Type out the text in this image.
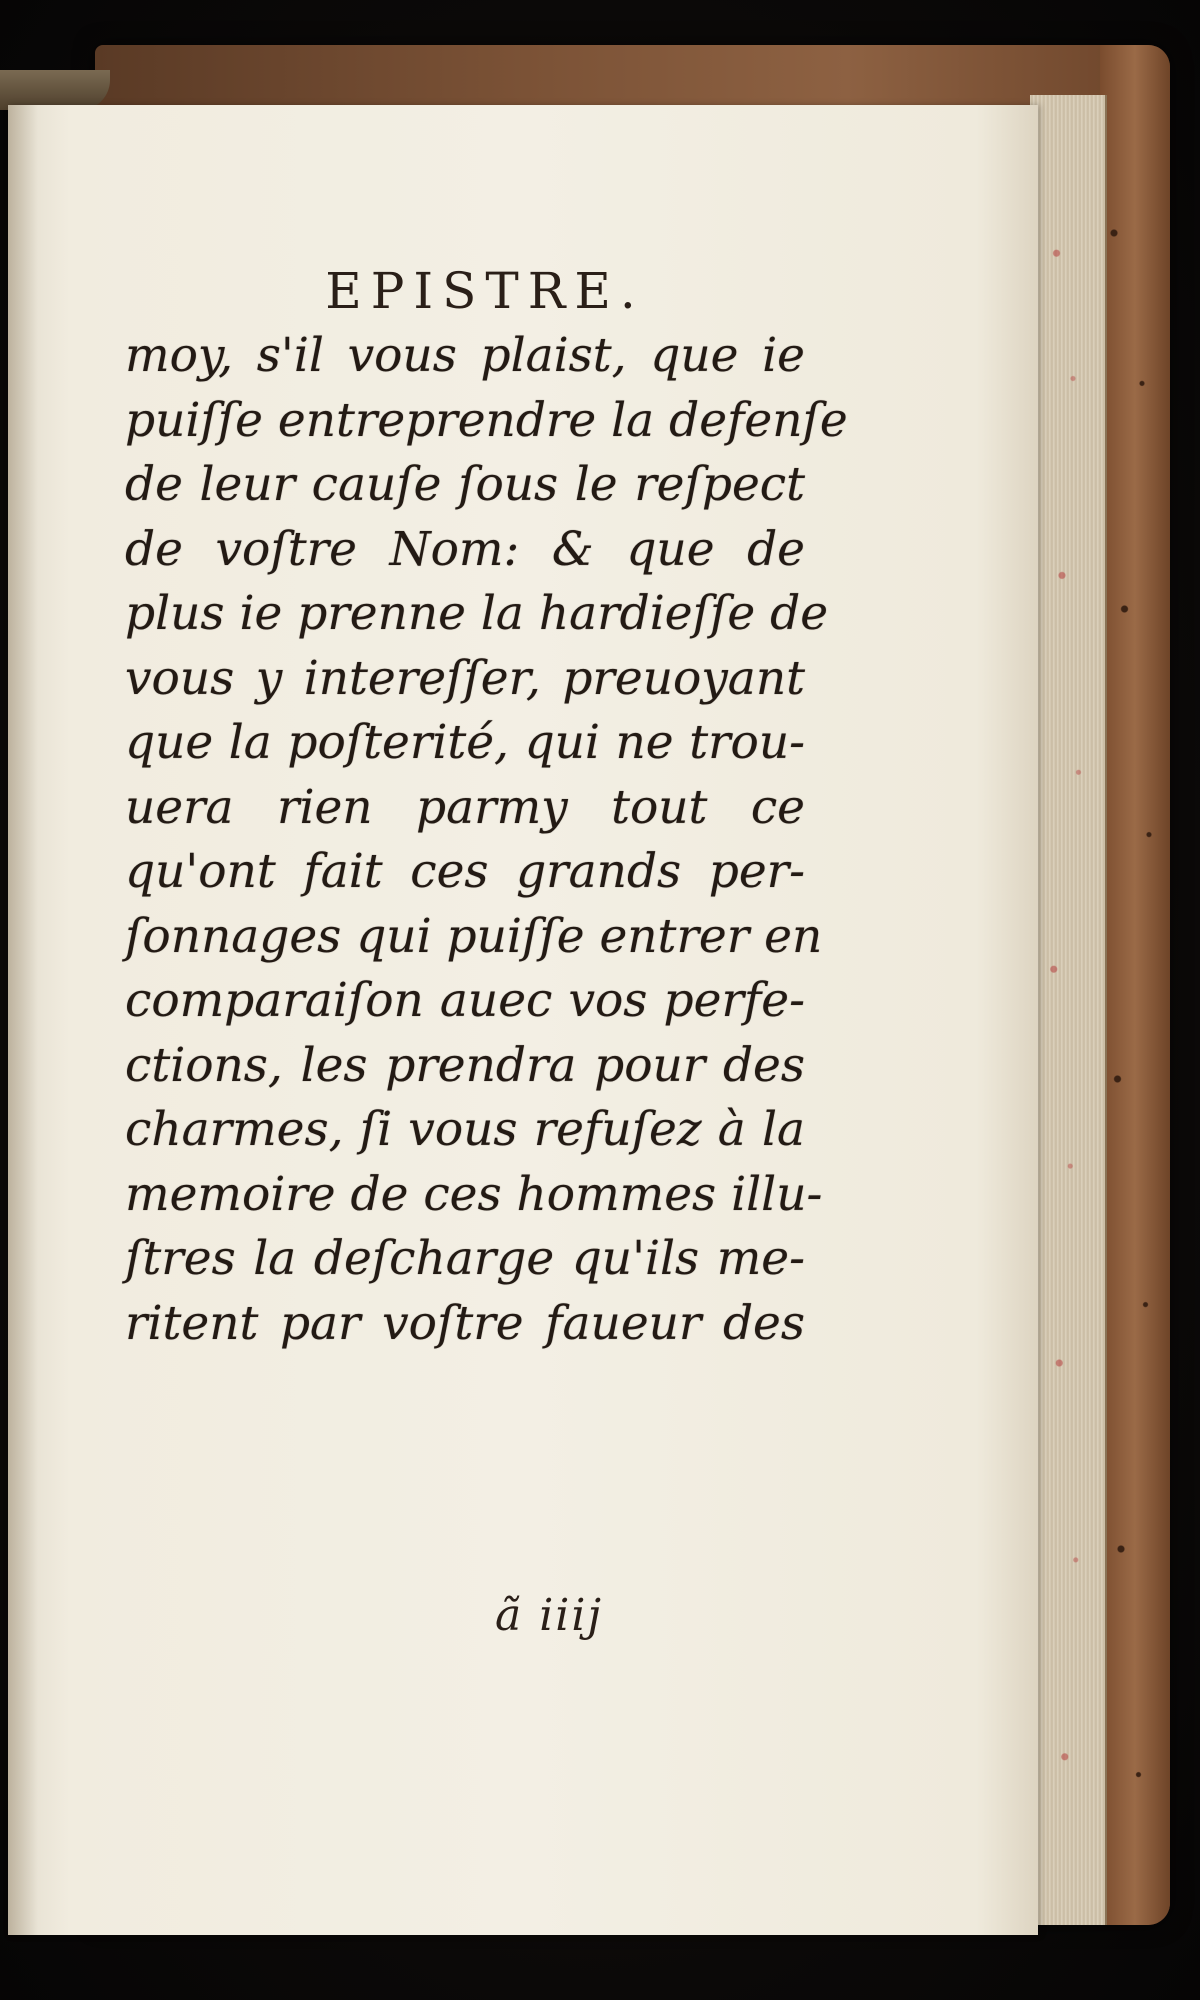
EPISTRE.
moy, s'il vous plaist, que ie
puiſſe entreprendre la defenſe
de leur cauſe ſous le reſpect
de voſtre Nom: & que de
plus ie prenne la hardieſſe de
vous y intereſſer, preuoyant
que la poſterité, qui ne trou-
uera rien parmy tout ce
qu'ont fait ces grands per-
ſonnages qui puiſſe entrer en
comparaiſon auec vos perfe-
ctions, les prendra pour des
charmes, ſi vous refuſez à la
memoire de ces hommes illu-
ſtres la deſcharge qu'ils me-
ritent par voſtre faueur des
ã iiij
